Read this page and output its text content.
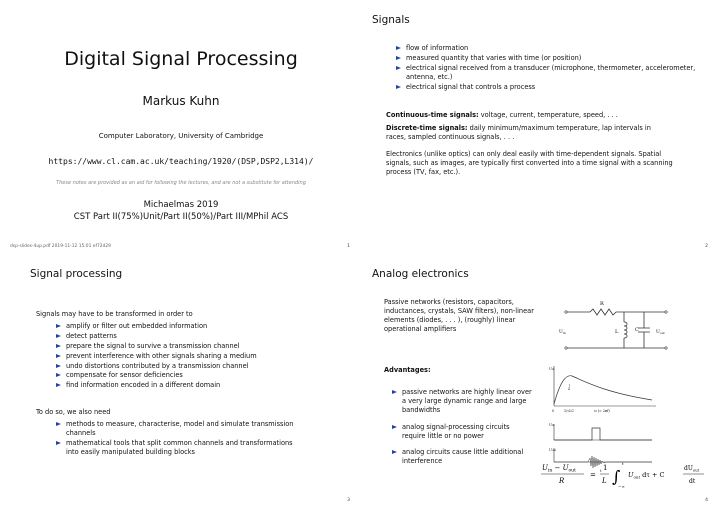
Digital Signal Processing
Markus Kuhn
Computer Laboratory, University of Cambridge
https://www.cl.cam.ac.uk/teaching/1920/(DSP,DSP2,L314)/
These notes are provided as an aid for following the lectures, and are not a substitute for attending
Michaelmas 2019
CST Part II(75%)Unit/Part II(50%)/Part III/MPhil ACS
dsp-slides-4up.pdf 2019-11-12 15:01 ef72d29	1
Signals
flow of information
measured quantity that varies with time (or position)
electrical signal received from a transducer (microphone, thermometer, accelerometer, antenna, etc.)
electrical signal that controls a process
Continuous-time signals: voltage, current, temperature, speed, . . .
Discrete-time signals: daily minimum/maximum temperature, lap intervals in races, sampled continuous signals, . . .
Electronics (unlike optics) can only deal easily with time-dependent signals. Spatial signals, such as images, are typically first converted into a time signal with a scanning process (TV, fax, etc.).
2
Signal processing
Signals may have to be transformed in order to
amplify or filter out embedded information
detect patterns
prepare the signal to survive a transmission channel
prevent interference with other signals sharing a medium
undo distortions contributed by a transmission channel
compensate for sensor deficiencies
find information encoded in a different domain
To do so, we also need
methods to measure, characterise, model and simulate transmission channels
mathematical tools that split common channels and transformations into easily manipulated building blocks
3
Analog electronics
Passive networks (resistors, capacitors, inductances, crystals, SAW filters), non-linear elements (diodes, . . . ), (roughly) linear operational amplifiers
Advantages:
passive networks are highly linear over a very large dynamic range and large bandwidths
analog signal-processing circuits require little or no power
analog circuits cause little additional interference
R
L	C
$U_{in}$	$U_{out}$
Uin
Uout
0	1/√LC	ω (= 2πf)
Uin
Uout
t
$U_{in} - U_{out}$
R
=
1
L ∫
t
−∞
$U_{out}$ dτ + C
$dU_{out}$
dt
4
